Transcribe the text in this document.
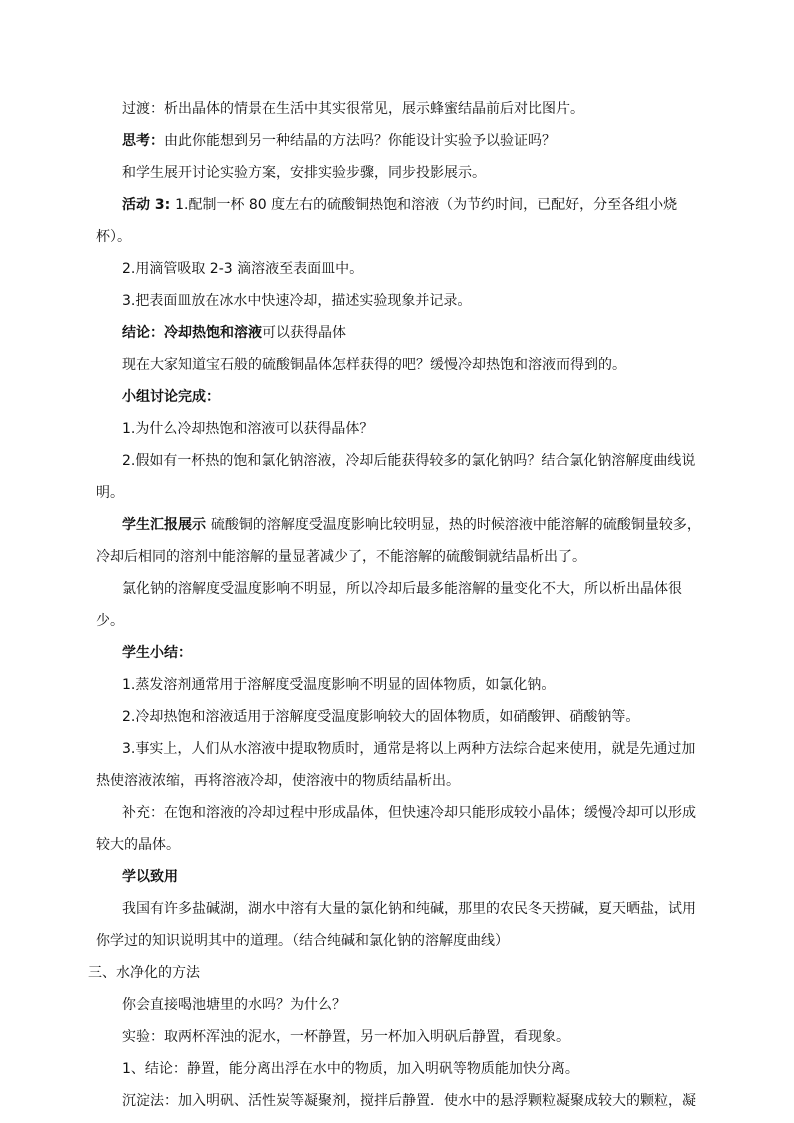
过渡：析出晶体的情景在生活中其实很常见，展示蜂蜜结晶前后对比图片。

思考：由此你能想到另一种结晶的方法吗？你能设计实验予以验证吗？

和学生展开讨论实验方案，安排实验步骤，同步投影展示。

活动 3: 1.配制一杯 80 度左右的硫酸铜热饱和溶液（为节约时间，已配好，分至各组小烧杯）。

2.用滴管吸取 2-3 滴溶液至表面皿中。

3.把表面皿放在冰水中快速冷却，描述实验现象并记录。

结论：冷却热饱和溶液可以获得晶体

现在大家知道宝石般的硫酸铜晶体怎样获得的吧？缓慢冷却热饱和溶液而得到的。

小组讨论完成：

1.为什么冷却热饱和溶液可以获得晶体？

2.假如有一杯热的饱和氯化钠溶液，冷却后能获得较多的氯化钠吗？结合氯化钠溶解度曲线说明。

学生汇报展示 硫酸铜的溶解度受温度影响比较明显，热的时候溶液中能溶解的硫酸铜量较多，冷却后相同的溶剂中能溶解的量显著减少了，不能溶解的硫酸铜就结晶析出了。

氯化钠的溶解度受温度影响不明显，所以冷却后最多能溶解的量变化不大，所以析出晶体很少。

学生小结：

1.蒸发溶剂通常用于溶解度受温度影响不明显的固体物质，如氯化钠。

2.冷却热饱和溶液适用于溶解度受温度影响较大的固体物质，如硝酸钾、硝酸钠等。

3.事实上，人们从水溶液中提取物质时，通常是将以上两种方法综合起来使用，就是先通过加热使溶液浓缩，再将溶液冷却，使溶液中的物质结晶析出。

补充：在饱和溶液的冷却过程中形成晶体，但快速冷却只能形成较小晶体；缓慢冷却可以形成较大的晶体。

学以致用

我国有许多盐碱湖，湖水中溶有大量的氯化钠和纯碱，那里的农民冬天捞碱，夏天晒盐，试用你学过的知识说明其中的道理。（结合纯碱和氯化钠的溶解度曲线）

三、水净化的方法

你会直接喝池塘里的水吗？为什么？

实验：取两杯浑浊的泥水，一杯静置，另一杯加入明矾后静置，看现象。

1、结论：静置，能分离出浮在水中的物质，加入明矾等物质能加快分离。

沉淀法：加入明矾、活性炭等凝聚剂，搅拌后静置．使水中的悬浮颗粒凝聚成较大的颗粒，凝
